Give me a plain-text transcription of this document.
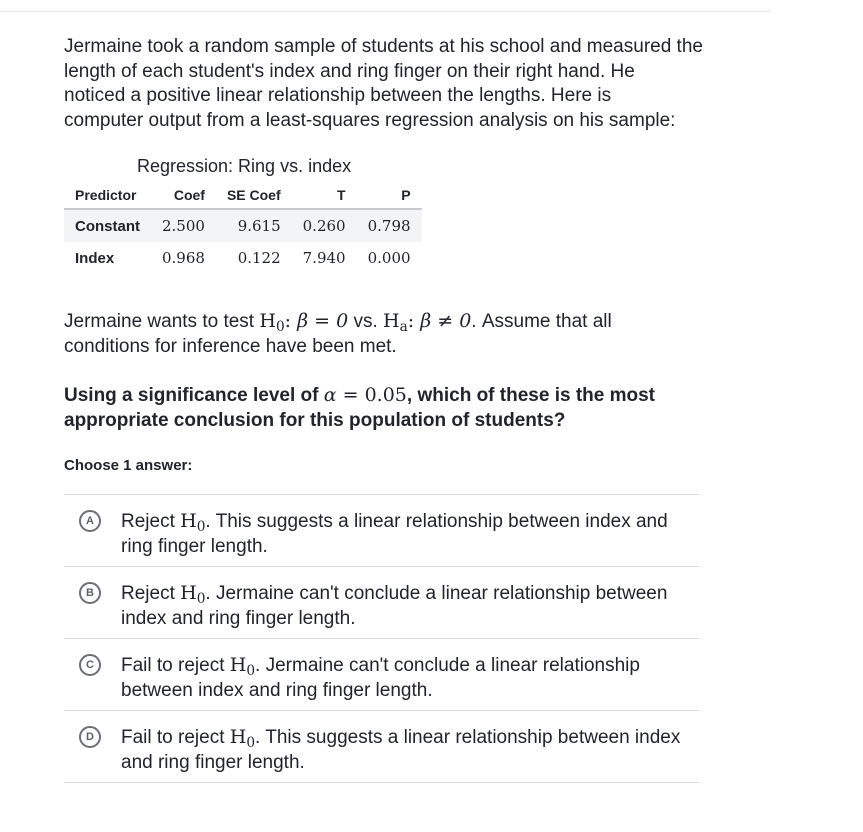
Jermaine took a random sample of students at his school and measured the
length of each student's index and ring finger on their right hand. He
noticed a positive linear relationship between the lengths. Here is
computer output from a least-squares regression analysis on his sample:

Regression: Ring vs. index

Predictor	Coef	SE Coef	T	P
Constant	2.500	9.615	0.260	0.798
Index	0.968	0.122	7.940	0.000

Jermaine wants to test $H_0$: β = 0 vs. $H_a$: β ≠ 0. Assume that all
conditions for inference have been met.

Using a significance level of α = 0.05, which of these is the most
appropriate conclusion for this population of students?

Choose 1 answer:
A	Reject $H_0$. This suggests a linear relationship between index and
ring finger length.
B	Reject $H_0$. Jermaine can't conclude a linear relationship between
index and ring finger length.
C	Fail to reject $H_0$. Jermaine can't conclude a linear relationship
between index and ring finger length.
D	Fail to reject $H_0$. This suggests a linear relationship between index
and ring finger length.
